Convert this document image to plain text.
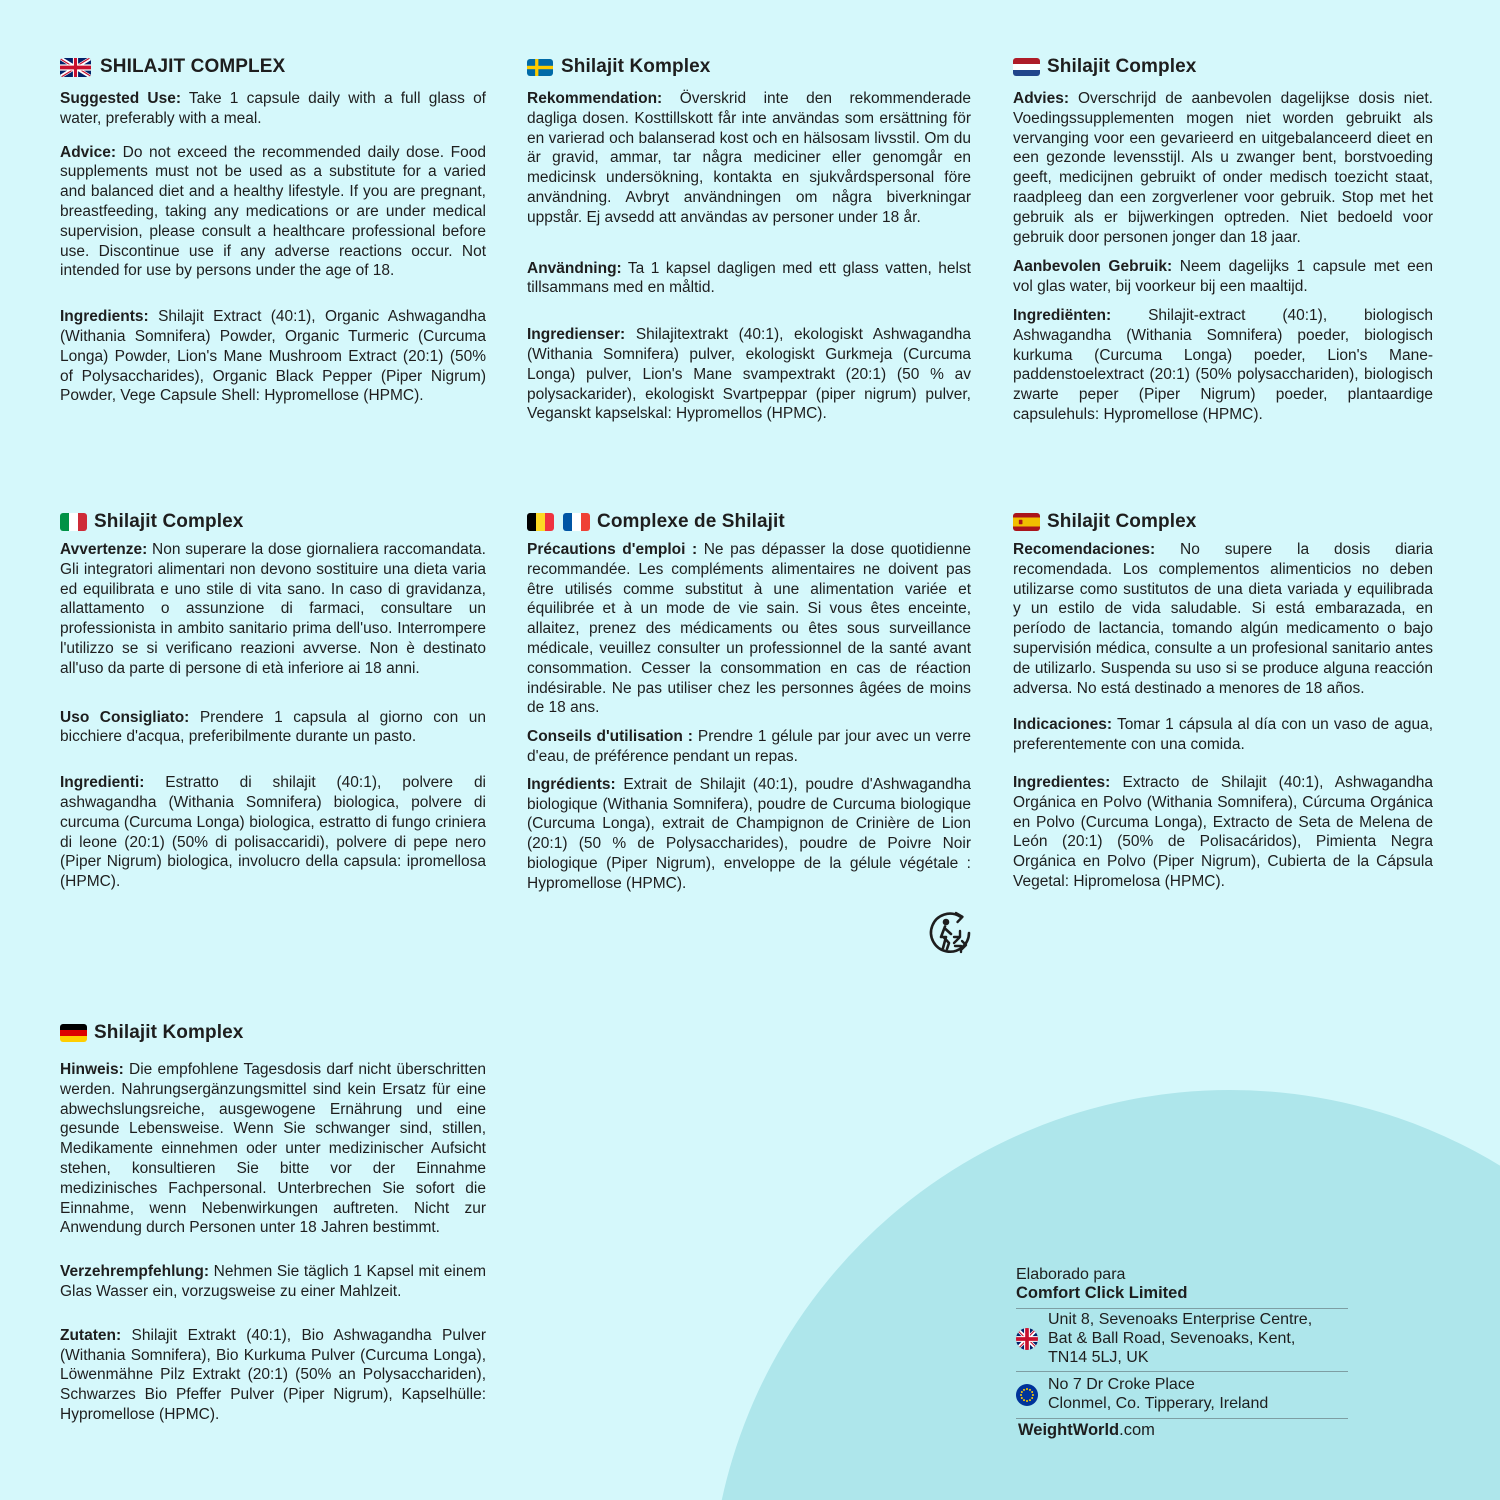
SHILAJIT COMPLEX

Suggested Use: Take 1 capsule daily with a full glass of water, preferably with a meal.

Advice: Do not exceed the recommended daily dose. Food supplements must not be used as a substitute for a varied and balanced diet and a healthy lifestyle. If you are pregnant, breastfeeding, taking any medications or are under medical supervision, please consult a healthcare professional before use. Discontinue use if any adverse reactions occur. Not intended for use by persons under the age of 18.

Ingredients: Shilajit Extract (40:1), Organic Ashwagandha (Withania Somnifera) Powder, Organic Turmeric (Curcuma Longa) Powder, Lion's Mane Mushroom Extract (20:1) (50% of Polysaccharides), Organic Black Pepper (Piper Nigrum) Powder, Vege Capsule Shell: Hypromellose (HPMC).

Shilajit Komplex

Rekommendation: Överskrid inte den rekommenderade dagliga dosen. Kosttillskott får inte användas som ersättning för en varierad och balanserad kost och en hälsosam livsstil. Om du är gravid, ammar, tar några mediciner eller genomgår en medicinsk undersökning, kontakta en sjukvårdspersonal före användning. Avbryt användningen om några biverkningar uppstår. Ej avsedd att användas av personer under 18 år.

Användning: Ta 1 kapsel dagligen med ett glass vatten, helst tillsammans med en måltid.

Ingredienser: Shilajitextrakt (40:1), ekologiskt Ashwagandha (Withania Somnifera) pulver, ekologiskt Gurkmeja (Curcuma Longa) pulver, Lion's Mane svampextrakt (20:1) (50 % av polysackarider), ekologiskt Svartpeppar (piper nigrum) pulver, Veganskt kapselskal: Hypromellos (HPMC).

Shilajit Complex

Advies: Overschrijd de aanbevolen dagelijkse dosis niet. Voedingssupplementen mogen niet worden gebruikt als vervanging voor een gevarieerd en uitgebalanceerd dieet en een gezonde levensstijl. Als u zwanger bent, borstvoeding geeft, medicijnen gebruikt of onder medisch toezicht staat, raadpleeg dan een zorgverlener voor gebruik. Stop met het gebruik als er bijwerkingen optreden. Niet bedoeld voor gebruik door personen jonger dan 18 jaar.

Aanbevolen Gebruik: Neem dagelijks 1 capsule met een vol glas water, bij voorkeur bij een maaltijd.

Ingrediënten: Shilajit-extract (40:1), biologisch Ashwagandha (Withania Somnifera) poeder, biologisch kurkuma (Curcuma Longa) poeder, Lion's Mane-paddenstoelextract (20:1) (50% polysacchariden), biologisch zwarte peper (Piper Nigrum) poeder, plantaardige capsulehuls: Hypromellose (HPMC).

Shilajit Complex

Avvertenze: Non superare la dose giornaliera raccomandata. Gli integratori alimentari non devono sostituire una dieta varia ed equilibrata e uno stile di vita sano. In caso di gravidanza, allattamento o assunzione di farmaci, consultare un professionista in ambito sanitario prima dell'uso. Interrompere l'utilizzo se si verificano reazioni avverse. Non è destinato all'uso da parte di persone di età inferiore ai 18 anni.

Uso Consigliato: Prendere 1 capsula al giorno con un bicchiere d'acqua, preferibilmente durante un pasto.

Ingredienti: Estratto di shilajit (40:1), polvere di ashwagandha (Withania Somnifera) biologica, polvere di curcuma (Curcuma Longa) biologica, estratto di fungo criniera di leone (20:1) (50% di polisaccaridi), polvere di pepe nero (Piper Nigrum) biologica, involucro della capsula: ipromellosa (HPMC).

Complexe de Shilajit

Précautions d'emploi : Ne pas dépasser la dose quotidienne recommandée. Les compléments alimentaires ne doivent pas être utilisés comme substitut à une alimentation variée et équilibrée et à un mode de vie sain. Si vous êtes enceinte, allaitez, prenez des médicaments ou êtes sous surveillance médicale, veuillez consulter un professionnel de la santé avant consommation. Cesser la consommation en cas de réaction indésirable. Ne pas utiliser chez les personnes âgées de moins de 18 ans.

Conseils d'utilisation : Prendre 1 gélule par jour avec un verre d'eau, de préférence pendant un repas.

Ingrédients: Extrait de Shilajit (40:1), poudre d'Ashwagandha biologique (Withania Somnifera), poudre de Curcuma biologique (Curcuma Longa), extrait de Champignon de Crinière de Lion (20:1) (50 % de Polysaccharides), poudre de Poivre Noir biologique (Piper Nigrum), enveloppe de la gélule végétale : Hypromellose (HPMC).

Shilajit Complex

Recomendaciones: No supere la dosis diaria recomendada. Los complementos alimenticios no deben utilizarse como sustitutos de una dieta variada y equilibrada y un estilo de vida saludable. Si está embarazada, en período de lactancia, tomando algún medicamento o bajo supervisión médica, consulte a un profesional sanitario antes de utilizarlo. Suspenda su uso si se produce alguna reacción adversa. No está destinado a menores de 18 años.

Indicaciones: Tomar 1 cápsula al día con un vaso de agua, preferentemente con una comida.

Ingredientes: Extracto de Shilajit (40:1), Ashwagandha Orgánica en Polvo (Withania Somnifera), Cúrcuma Orgánica en Polvo (Curcuma Longa), Extracto de Seta de Melena de León (20:1) (50% de Polisacáridos), Pimienta Negra Orgánica en Polvo (Piper Nigrum), Cubierta de la Cápsula Vegetal: Hipromelosa (HPMC).

Shilajit Komplex

Hinweis: Die empfohlene Tagesdosis darf nicht überschritten werden. Nahrungsergänzungsmittel sind kein Ersatz für eine abwechslungsreiche, ausgewogene Ernährung und eine gesunde Lebensweise. Wenn Sie schwanger sind, stillen, Medikamente einnehmen oder unter medizinischer Aufsicht stehen, konsultieren Sie bitte vor der Einnahme medizinisches Fachpersonal. Unterbrechen Sie sofort die Einnahme, wenn Nebenwirkungen auftreten. Nicht zur Anwendung durch Personen unter 18 Jahren bestimmt.

Verzehrempfehlung: Nehmen Sie täglich 1 Kapsel mit einem Glas Wasser ein, vorzugsweise zu einer Mahlzeit.

Zutaten: Shilajit Extrakt (40:1), Bio Ashwagandha Pulver (Withania Somnifera), Bio Kurkuma Pulver (Curcuma Longa), Löwenmähne Pilz Extrakt (20:1) (50% an Polysacchariden), Schwarzes Bio Pfeffer Pulver (Piper Nigrum), Kapselhülle: Hypromellose (HPMC).

Elaborado para
Comfort Click Limited
Unit 8, Sevenoaks Enterprise Centre,
Bat & Ball Road, Sevenoaks, Kent,
TN14 5LJ, UK
No 7 Dr Croke Place
Clonmel, Co. Tipperary, Ireland
WeightWorld.com
